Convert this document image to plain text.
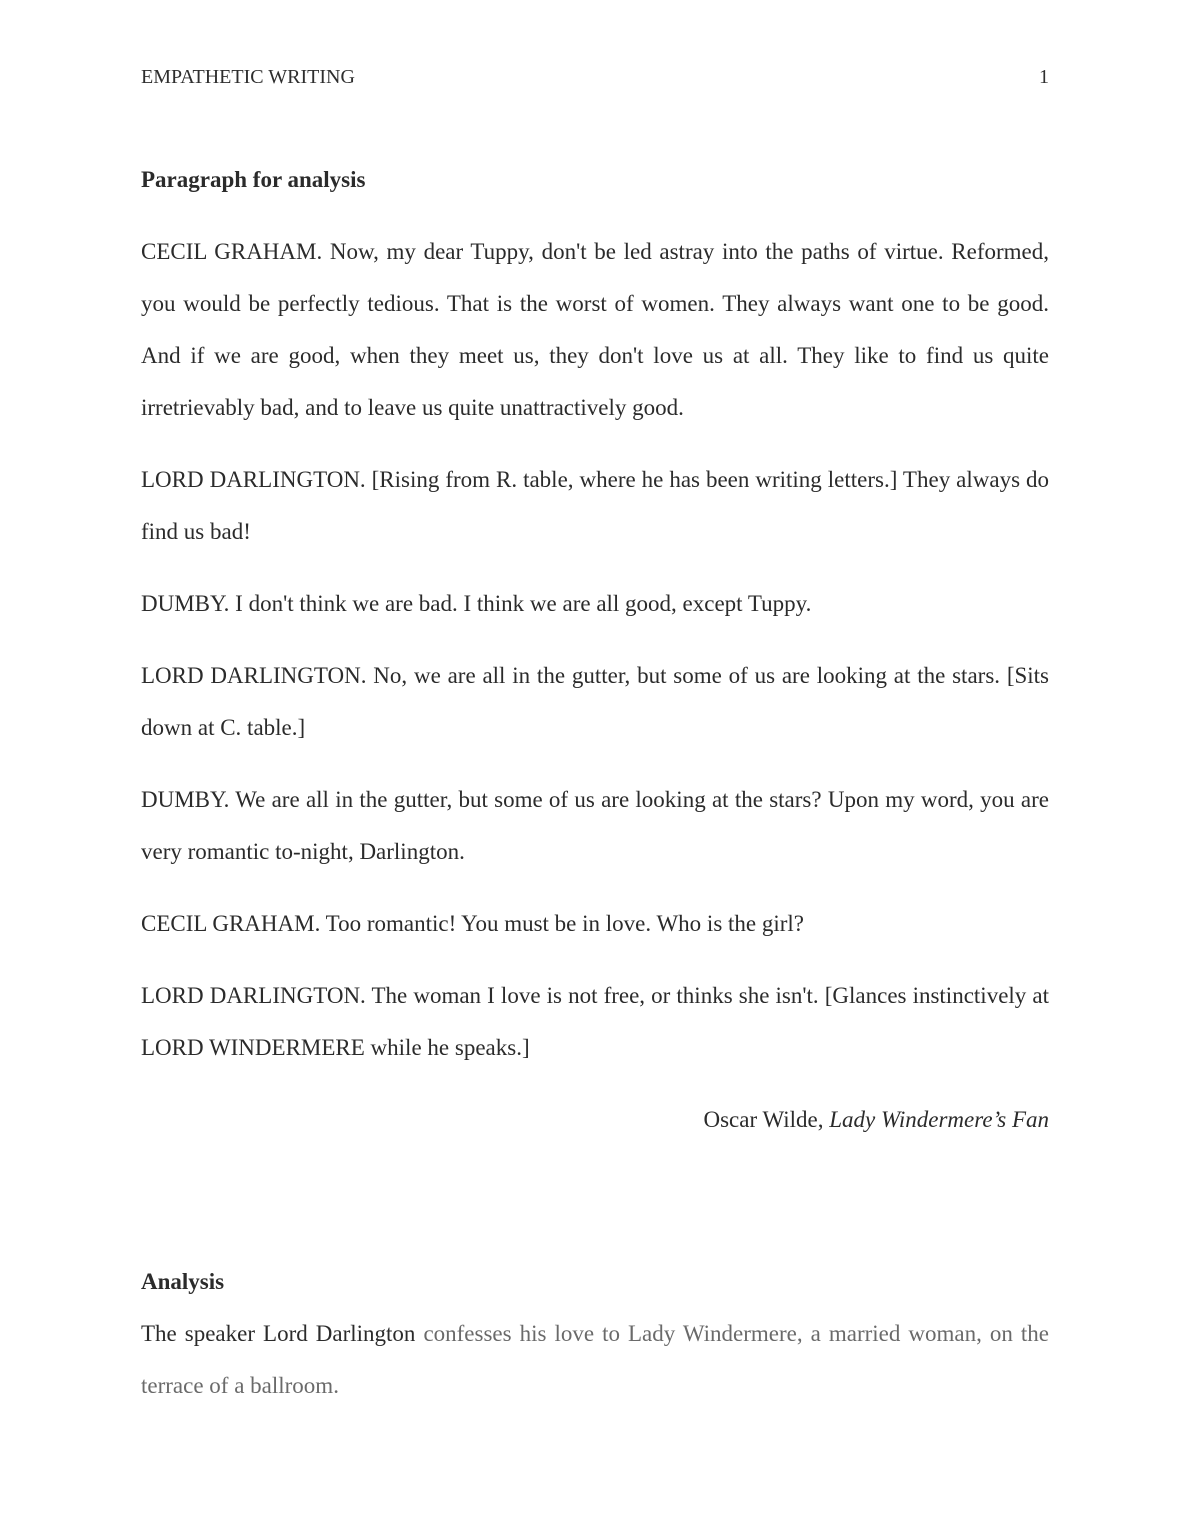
EMPATHETIC WRITING	1
Paragraph for analysis

CECIL GRAHAM. Now, my dear Tuppy, don't be led astray into the paths of virtue. Reformed, you would be perfectly tedious. That is the worst of women. They always want one to be good. And if we are good, when they meet us, they don't love us at all. They like to find us quite irretrievably bad, and to leave us quite unattractively good.

LORD DARLINGTON. [Rising from R. table, where he has been writing letters.] They always do find us bad!

DUMBY. I don't think we are bad. I think we are all good, except Tuppy.

LORD DARLINGTON. No, we are all in the gutter, but some of us are looking at the stars. [Sits down at C. table.]

DUMBY. We are all in the gutter, but some of us are looking at the stars? Upon my word, you are very romantic to-night, Darlington.

CECIL GRAHAM. Too romantic! You must be in love. Who is the girl?

LORD DARLINGTON. The woman I love is not free, or thinks she isn't. [Glances instinctively at LORD WINDERMERE while he speaks.]

Oscar Wilde, Lady Windermere’s Fan

Analysis

The speaker Lord Darlington confesses his love to Lady Windermere, a married woman, on the terrace of a ballroom.
